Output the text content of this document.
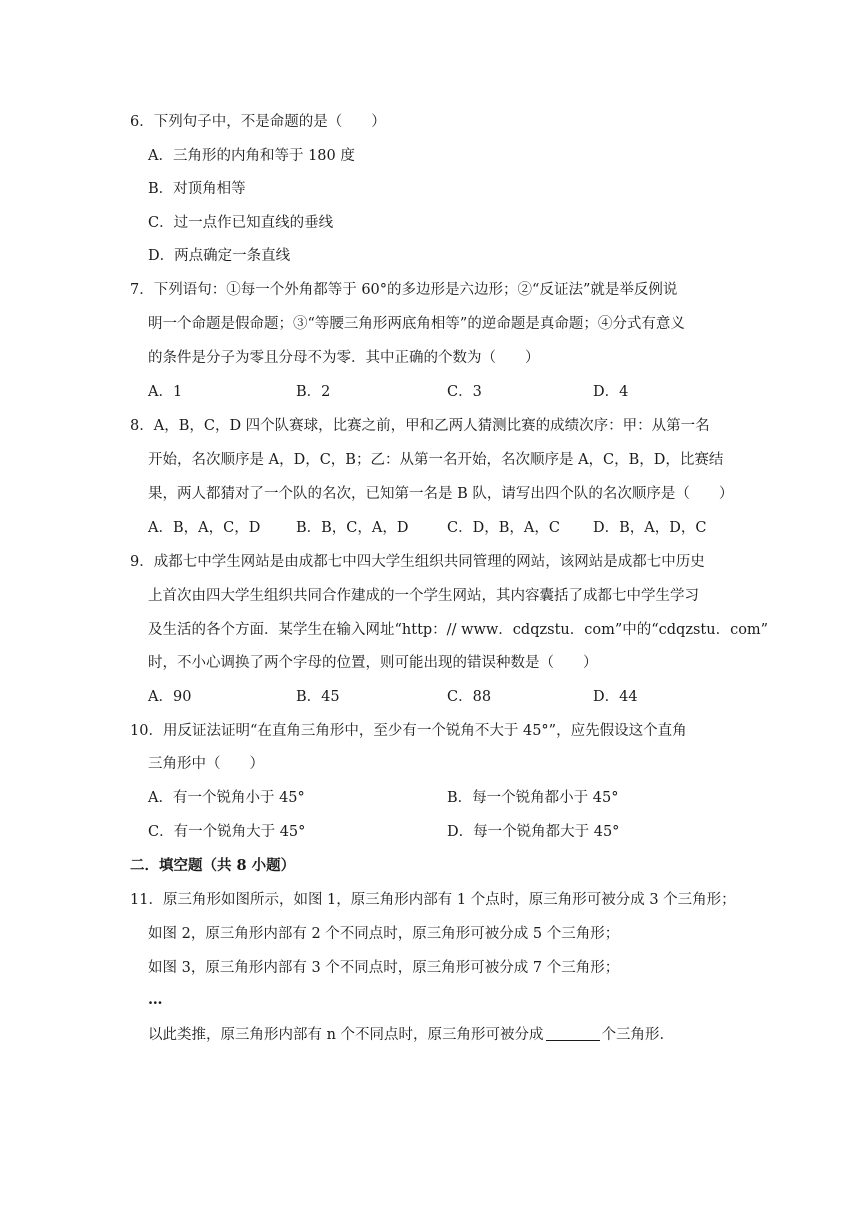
6．下列句子中，不是命题的是（　　）
A．三角形的内角和等于 180 度
B．对顶角相等
C．过一点作已知直线的垂线
D．两点确定一条直线
7．下列语句：①每一个外角都等于 60°的多边形是六边形；②“反证法”就是举反例说
明一个命题是假命题；③“等腰三角形两底角相等”的逆命题是真命题；④分式有意义
的条件是分子为零且分母不为零．其中正确的个数为（　　）
A．1	B．2	C．3	D．4
8．A，B，C，D 四个队赛球，比赛之前，甲和乙两人猜测比赛的成绩次序：甲：从第一名
开始，名次顺序是 A，D，C，B；乙：从第一名开始，名次顺序是 A，C，B，D，比赛结
果，两人都猜对了一个队的名次，已知第一名是 B 队，请写出四个队的名次顺序是（　　）
A．B，A，C，D B．B，C，A，D	C．D，B，A，C D．B，A，D，C
9．成都七中学生网站是由成都七中四大学生组织共同管理的网站，该网站是成都七中历史
上首次由四大学生组织共同合作建成的一个学生网站，其内容囊括了成都七中学生学习
及生活的各个方面．某学生在输入网址“http：// www．cdqzstu．com”中的“cdqzstu．com”
时，不小心调换了两个字母的位置，则可能出现的错误种数是（　　）
A．90	B．45	C．88	D．44
10．用反证法证明“在直角三角形中，至少有一个锐角不大于 45°”，应先假设这个直角
三角形中（　　）
A．有一个锐角小于 45°	B．每一个锐角都小于 45°
C．有一个锐角大于 45°	D．每一个锐角都大于 45°
二．填空题（共 8 小题）
11．原三角形如图所示，如图 1，原三角形内部有 1 个点时，原三角形可被分成 3 个三角形；
如图 2，原三角形内部有 2 个不同点时，原三角形可被分成 5 个三角形；
如图 3，原三角形内部有 3 个不同点时，原三角形可被分成 7 个三角形；
…
以此类推，原三角形内部有 n 个不同点时，原三角形可被分成	个三角形．
